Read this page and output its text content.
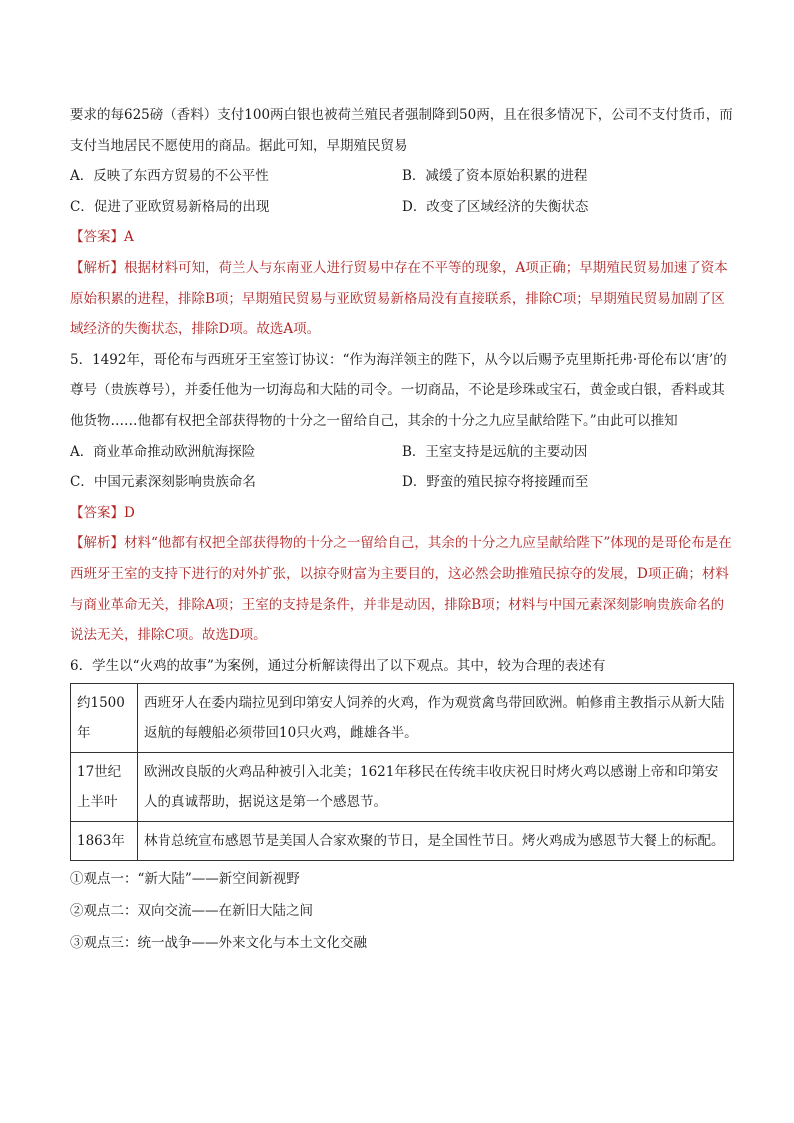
要求的每625磅（香料）支付100两白银也被荷兰殖民者强制降到50两，且在很多情况下，公司不支付货币，而支付当地居民不愿使用的商品。据此可知，早期殖民贸易

A．反映了东西方贸易的不公平性	B．减缓了资本原始积累的进程
C．促进了亚欧贸易新格局的出现	D．改变了区域经济的失衡状态

【答案】A

【解析】根据材料可知，荷兰人与东南亚人进行贸易中存在不平等的现象，A项正确；早期殖民贸易加速了资本原始积累的进程，排除B项；早期殖民贸易与亚欧贸易新格局没有直接联系，排除C项；早期殖民贸易加剧了区域经济的失衡状态，排除D项。故选A项。

5．1492年，哥伦布与西班牙王室签订协议：“作为海洋领主的陛下，从今以后赐予克里斯托弗·哥伦布以‘唐’的尊号（贵族尊号），并委任他为一切海岛和大陆的司令。一切商品，不论是珍珠或宝石，黄金或白银，香料或其他货物……他都有权把全部获得物的十分之一留给自己，其余的十分之九应呈献给陛下。”由此可以推知

A．商业革命推动欧洲航海探险	B．王室支持是远航的主要动因
C．中国元素深刻影响贵族命名	D．野蛮的殖民掠夺将接踵而至

【答案】D

【解析】材料“他都有权把全部获得物的十分之一留给自己，其余的十分之九应呈献给陛下”体现的是哥伦布是在西班牙王室的支持下进行的对外扩张，以掠夺财富为主要目的，这必然会助推殖民掠夺的发展，D项正确；材料与商业革命无关，排除A项；王室的支持是条件，并非是动因，排除B项；材料与中国元素深刻影响贵族命名的说法无关，排除C项。故选D项。

6．学生以“火鸡的故事”为案例，通过分析解读得出了以下观点。其中，较为合理的表述有

约1500年	西班牙人在委内瑞拉见到印第安人饲养的火鸡，作为观赏禽鸟带回欧洲。帕修甫主教指示从新大陆返航的每艘船必须带回10只火鸡，雌雄各半。
17世纪上半叶	欧洲改良版的火鸡品种被引入北美；1621年移民在传统丰收庆祝日时烤火鸡以感谢上帝和印第安人的真诚帮助，据说这是第一个感恩节。
1863年	林肯总统宣布感恩节是美国人合家欢聚的节日，是全国性节日。烤火鸡成为感恩节大餐上的标配。

①观点一：“新大陆”——新空间新视野

②观点二：双向交流——在新旧大陆之间

③观点三：统一战争——外来文化与本土文化交融
